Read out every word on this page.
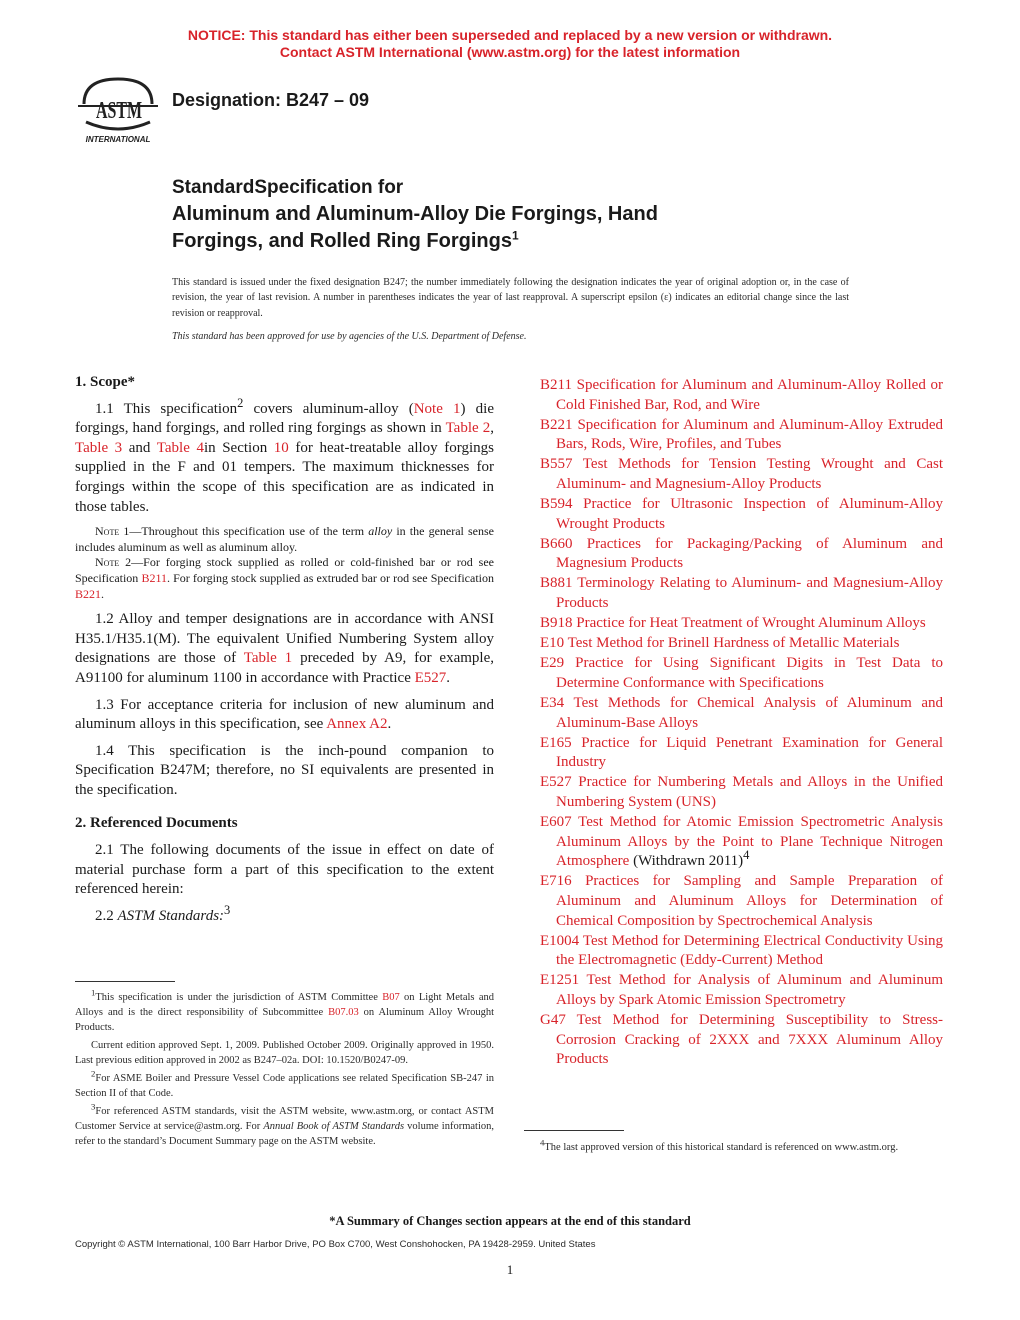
NOTICE: This standard has either been superseded and replaced by a new version or withdrawn.
Contact ASTM International (www.astm.org) for the latest information
ASTM
INTERNATIONAL
Designation: B247 – 09
StandardSpecification for
Aluminum and Aluminum-Alloy Die Forgings, Hand
Forgings, and Rolled Ring Forgings$^1$
This standard is issued under the fixed designation B247; the number immediately following the designation indicates the year of original adoption or, in the case of revision, the year of last revision. A number in parentheses indicates the year of last reapproval. A superscript epsilon (ε) indicates an editorial change since the last revision or reapproval.
This standard has been approved for use by agencies of the U.S. Department of Defense.
1. Scope*

1.1 This specification$^2$ covers aluminum-alloy (Note 1) die forgings, hand forgings, and rolled ring forgings as shown in Table 2, Table 3 and Table 4in Section 10 for heat-treatable alloy forgings supplied in the F and 01 tempers. The maximum thicknesses for forgings within the scope of this specification are as indicated in those tables.

Note 1—Throughout this specification use of the term alloy in the general sense includes aluminum as well as aluminum alloy.

Note 2—For forging stock supplied as rolled or cold-finished bar or rod see Specification B211. For forging stock supplied as extruded bar or rod see Specification B221.

1.2 Alloy and temper designations are in accordance with ANSI H35.1/H35.1(M). The equivalent Unified Numbering System alloy designations are those of Table 1 preceded by A9, for example, A91100 for aluminum 1100 in accordance with Practice E527.

1.3 For acceptance criteria for inclusion of new aluminum and aluminum alloys in this specification, see Annex A2.

1.4 This specification is the inch-pound companion to Specification B247M; therefore, no SI equivalents are presented in the specification.

2. Referenced Documents

2.1 The following documents of the issue in effect on date of material purchase form a part of this specification to the extent referenced herein:

2.2 ASTM Standards:$^3$

$^1$This specification is under the jurisdiction of ASTM Committee B07 on Light Metals and Alloys and is the direct responsibility of Subcommittee B07.03 on Aluminum Alloy Wrought Products.

Current edition approved Sept. 1, 2009. Published October 2009. Originally approved in 1950. Last previous edition approved in 2002 as B247–02a. DOI: 10.1520/B0247-09.

$^2$For ASME Boiler and Pressure Vessel Code applications see related Specification SB-247 in Section II of that Code.

$^3$For referenced ASTM standards, visit the ASTM website, www.astm.org, or contact ASTM Customer Service at service@astm.org. For Annual Book of ASTM Standards volume information, refer to the standard’s Document Summary page on the ASTM website.

B211 Specification for Aluminum and Aluminum-Alloy Rolled or Cold Finished Bar, Rod, and Wire

B221 Specification for Aluminum and Aluminum-Alloy Extruded Bars, Rods, Wire, Profiles, and Tubes

B557 Test Methods for Tension Testing Wrought and Cast Aluminum- and Magnesium-Alloy Products

B594 Practice for Ultrasonic Inspection of Aluminum-Alloy Wrought Products

B660 Practices for Packaging/Packing of Aluminum and Magnesium Products

B881 Terminology Relating to Aluminum- and Magnesium-Alloy Products

B918 Practice for Heat Treatment of Wrought Aluminum Alloys

E10 Test Method for Brinell Hardness of Metallic Materials

E29 Practice for Using Significant Digits in Test Data to Determine Conformance with Specifications

E34 Test Methods for Chemical Analysis of Aluminum and Aluminum-Base Alloys

E165 Practice for Liquid Penetrant Examination for General Industry

E527 Practice for Numbering Metals and Alloys in the Unified Numbering System (UNS)

E607 Test Method for Atomic Emission Spectrometric Analysis Aluminum Alloys by the Point to Plane Technique Nitrogen Atmosphere (Withdrawn 2011)$^4$

E716 Practices for Sampling and Sample Preparation of Aluminum and Aluminum Alloys for Determination of Chemical Composition by Spectrochemical Analysis

E1004 Test Method for Determining Electrical Conductivity Using the Electromagnetic (Eddy-Current) Method

E1251 Test Method for Analysis of Aluminum and Aluminum Alloys by Spark Atomic Emission Spectrometry

G47 Test Method for Determining Susceptibility to Stress-Corrosion Cracking of 2XXX and 7XXX Aluminum Alloy Products

$^4$The last approved version of this historical standard is referenced on www.astm.org.

*A Summary of Changes section appears at the end of this standard
Copyright © ASTM International, 100 Barr Harbor Drive, PO Box C700, West Conshohocken, PA 19428-2959. United States
1
